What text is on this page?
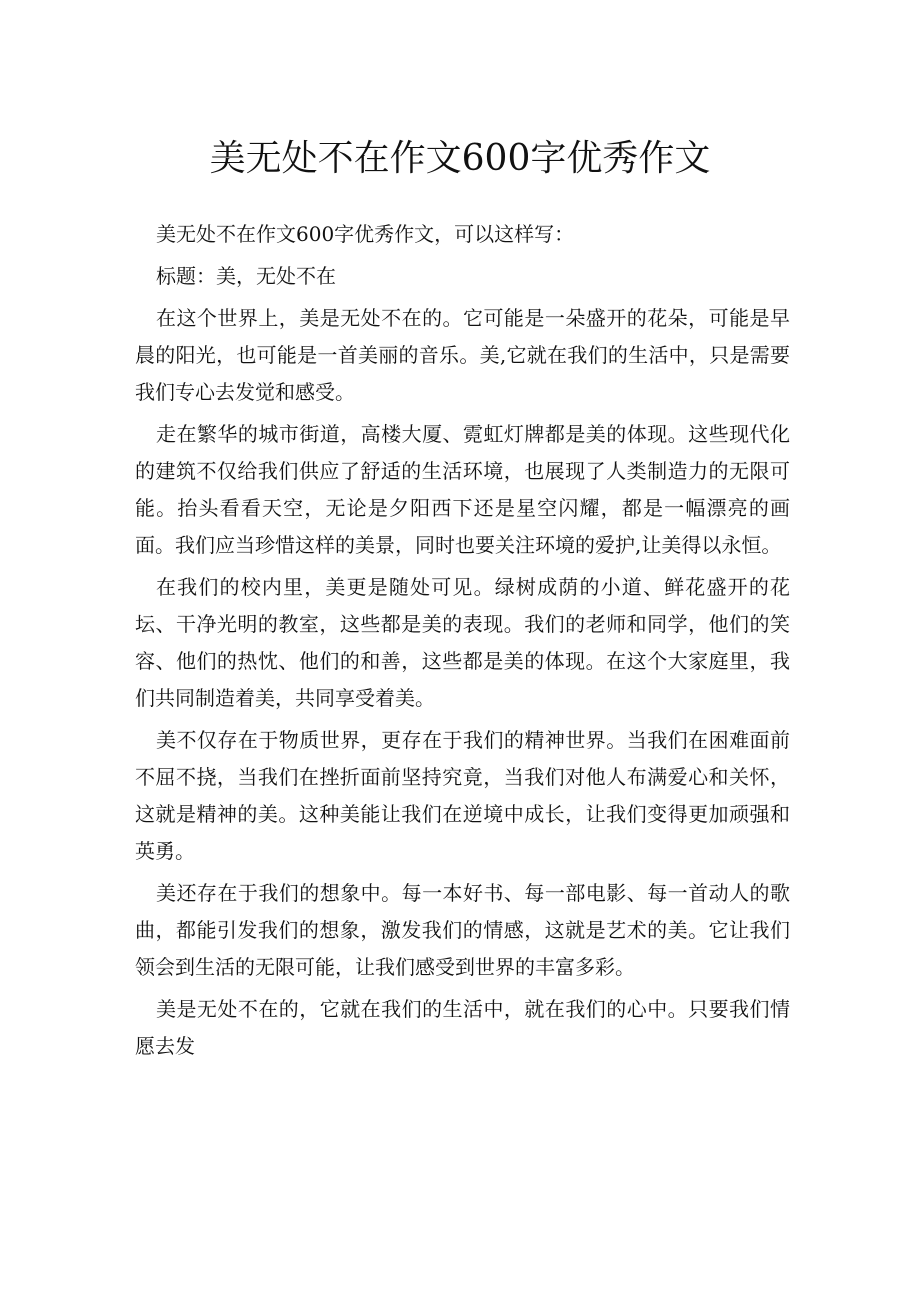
美无处不在作文600字优秀作文

美无处不在作文600字优秀作文，可以这样写：

标题：美，无处不在

在这个世界上，美是无处不在的。它可能是一朵盛开的花朵，可能是早晨的阳光，也可能是一首美丽的音乐。美,它就在我们的生活中，只是需要我们专心去发觉和感受。

走在繁华的城市街道，高楼大厦、霓虹灯牌都是美的体现。这些现代化的建筑不仅给我们供应了舒适的生活环境，也展现了人类制造力的无限可能。抬头看看天空，无论是夕阳西下还是星空闪耀，都是一幅漂亮的画面。我们应当珍惜这样的美景，同时也要关注环境的爱护,让美得以永恒。

在我们的校内里，美更是随处可见。绿树成荫的小道、鲜花盛开的花坛、干净光明的教室，这些都是美的表现。我们的老师和同学，他们的笑容、他们的热忱、他们的和善，这些都是美的体现。在这个大家庭里，我们共同制造着美，共同享受着美。

美不仅存在于物质世界，更存在于我们的精神世界。当我们在困难面前不屈不挠，当我们在挫折面前坚持究竟，当我们对他人布满爱心和关怀，这就是精神的美。这种美能让我们在逆境中成长，让我们变得更加顽强和英勇。

美还存在于我们的想象中。每一本好书、每一部电影、每一首动人的歌曲，都能引发我们的想象，激发我们的情感，这就是艺术的美。它让我们领会到生活的无限可能，让我们感受到世界的丰富多彩。

美是无处不在的，它就在我们的生活中，就在我们的心中。只要我们情愿去发
